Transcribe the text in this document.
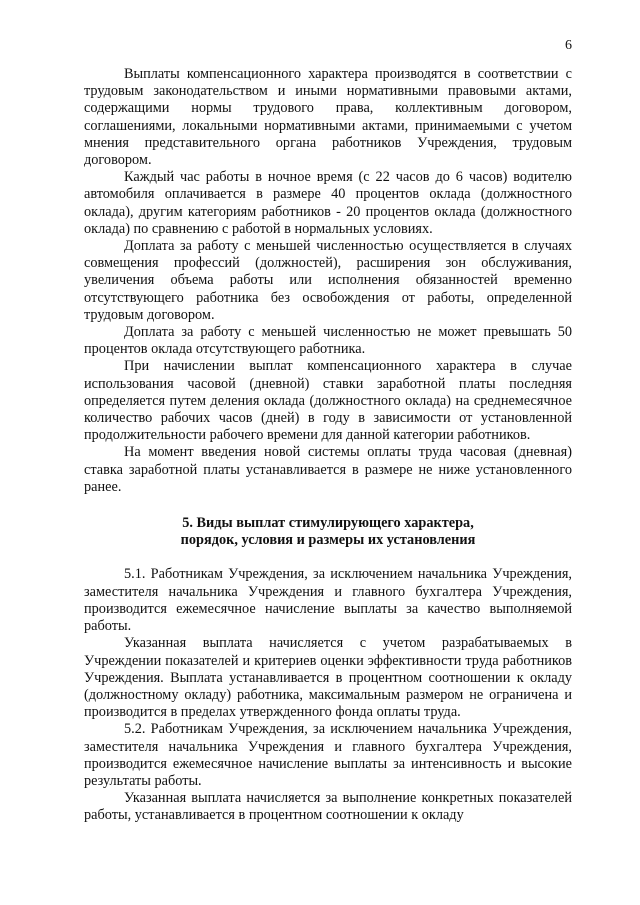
6

Выплаты компенсационного характера производятся в соответствии с трудовым законодательством и иными нормативными правовыми актами, содержащими нормы трудового права, коллективным договором, соглашениями, локальными нормативными актами, принимаемыми с учетом мнения представительного органа работников Учреждения, трудовым договором.

Каждый час работы в ночное время (с 22 часов до 6 часов) водителю автомобиля оплачивается в размере 40 процентов оклада (должностного оклада), другим категориям работников - 20 процентов оклада (должностного оклада) по сравнению с работой в нормальных условиях.

Доплата за работу с меньшей численностью осуществляется в случаях совмещения профессий (должностей), расширения зон обслуживания, увеличения объема работы или исполнения обязанностей временно отсутствующего работника без освобождения от работы, определенной трудовым договором.

Доплата за работу с меньшей численностью не может превышать 50 процентов оклада отсутствующего работника.

При начислении выплат компенсационного характера в случае использования часовой (дневной) ставки заработной платы последняя определяется путем деления оклада (должностного оклада) на среднемесячное количество рабочих часов (дней) в году в зависимости от установленной продолжительности рабочего времени для данной категории работников.

На момент введения новой системы оплаты труда часовая (дневная) ставка заработной платы устанавливается в размере не ниже установленного ранее.

5. Виды выплат стимулирующего характера,
порядок, условия и размеры их установления

5.1. Работникам Учреждения, за исключением начальника Учреждения, заместителя начальника Учреждения и главного бухгалтера Учреждения, производится ежемесячное начисление выплаты за качество выполняемой работы.

Указанная выплата начисляется с учетом разрабатываемых в Учреждении показателей и критериев оценки эффективности труда работников Учреждения. Выплата устанавливается в процентном соотношении к окладу (должностному окладу) работника, максимальным размером не ограничена и производится в пределах утвержденного фонда оплаты труда.

5.2. Работникам Учреждения, за исключением начальника Учреждения, заместителя начальника Учреждения и главного бухгалтера Учреждения, производится ежемесячное начисление выплаты за интенсивность и высокие результаты работы.

Указанная выплата начисляется за выполнение конкретных показателей работы, устанавливается в процентном соотношении к окладу
